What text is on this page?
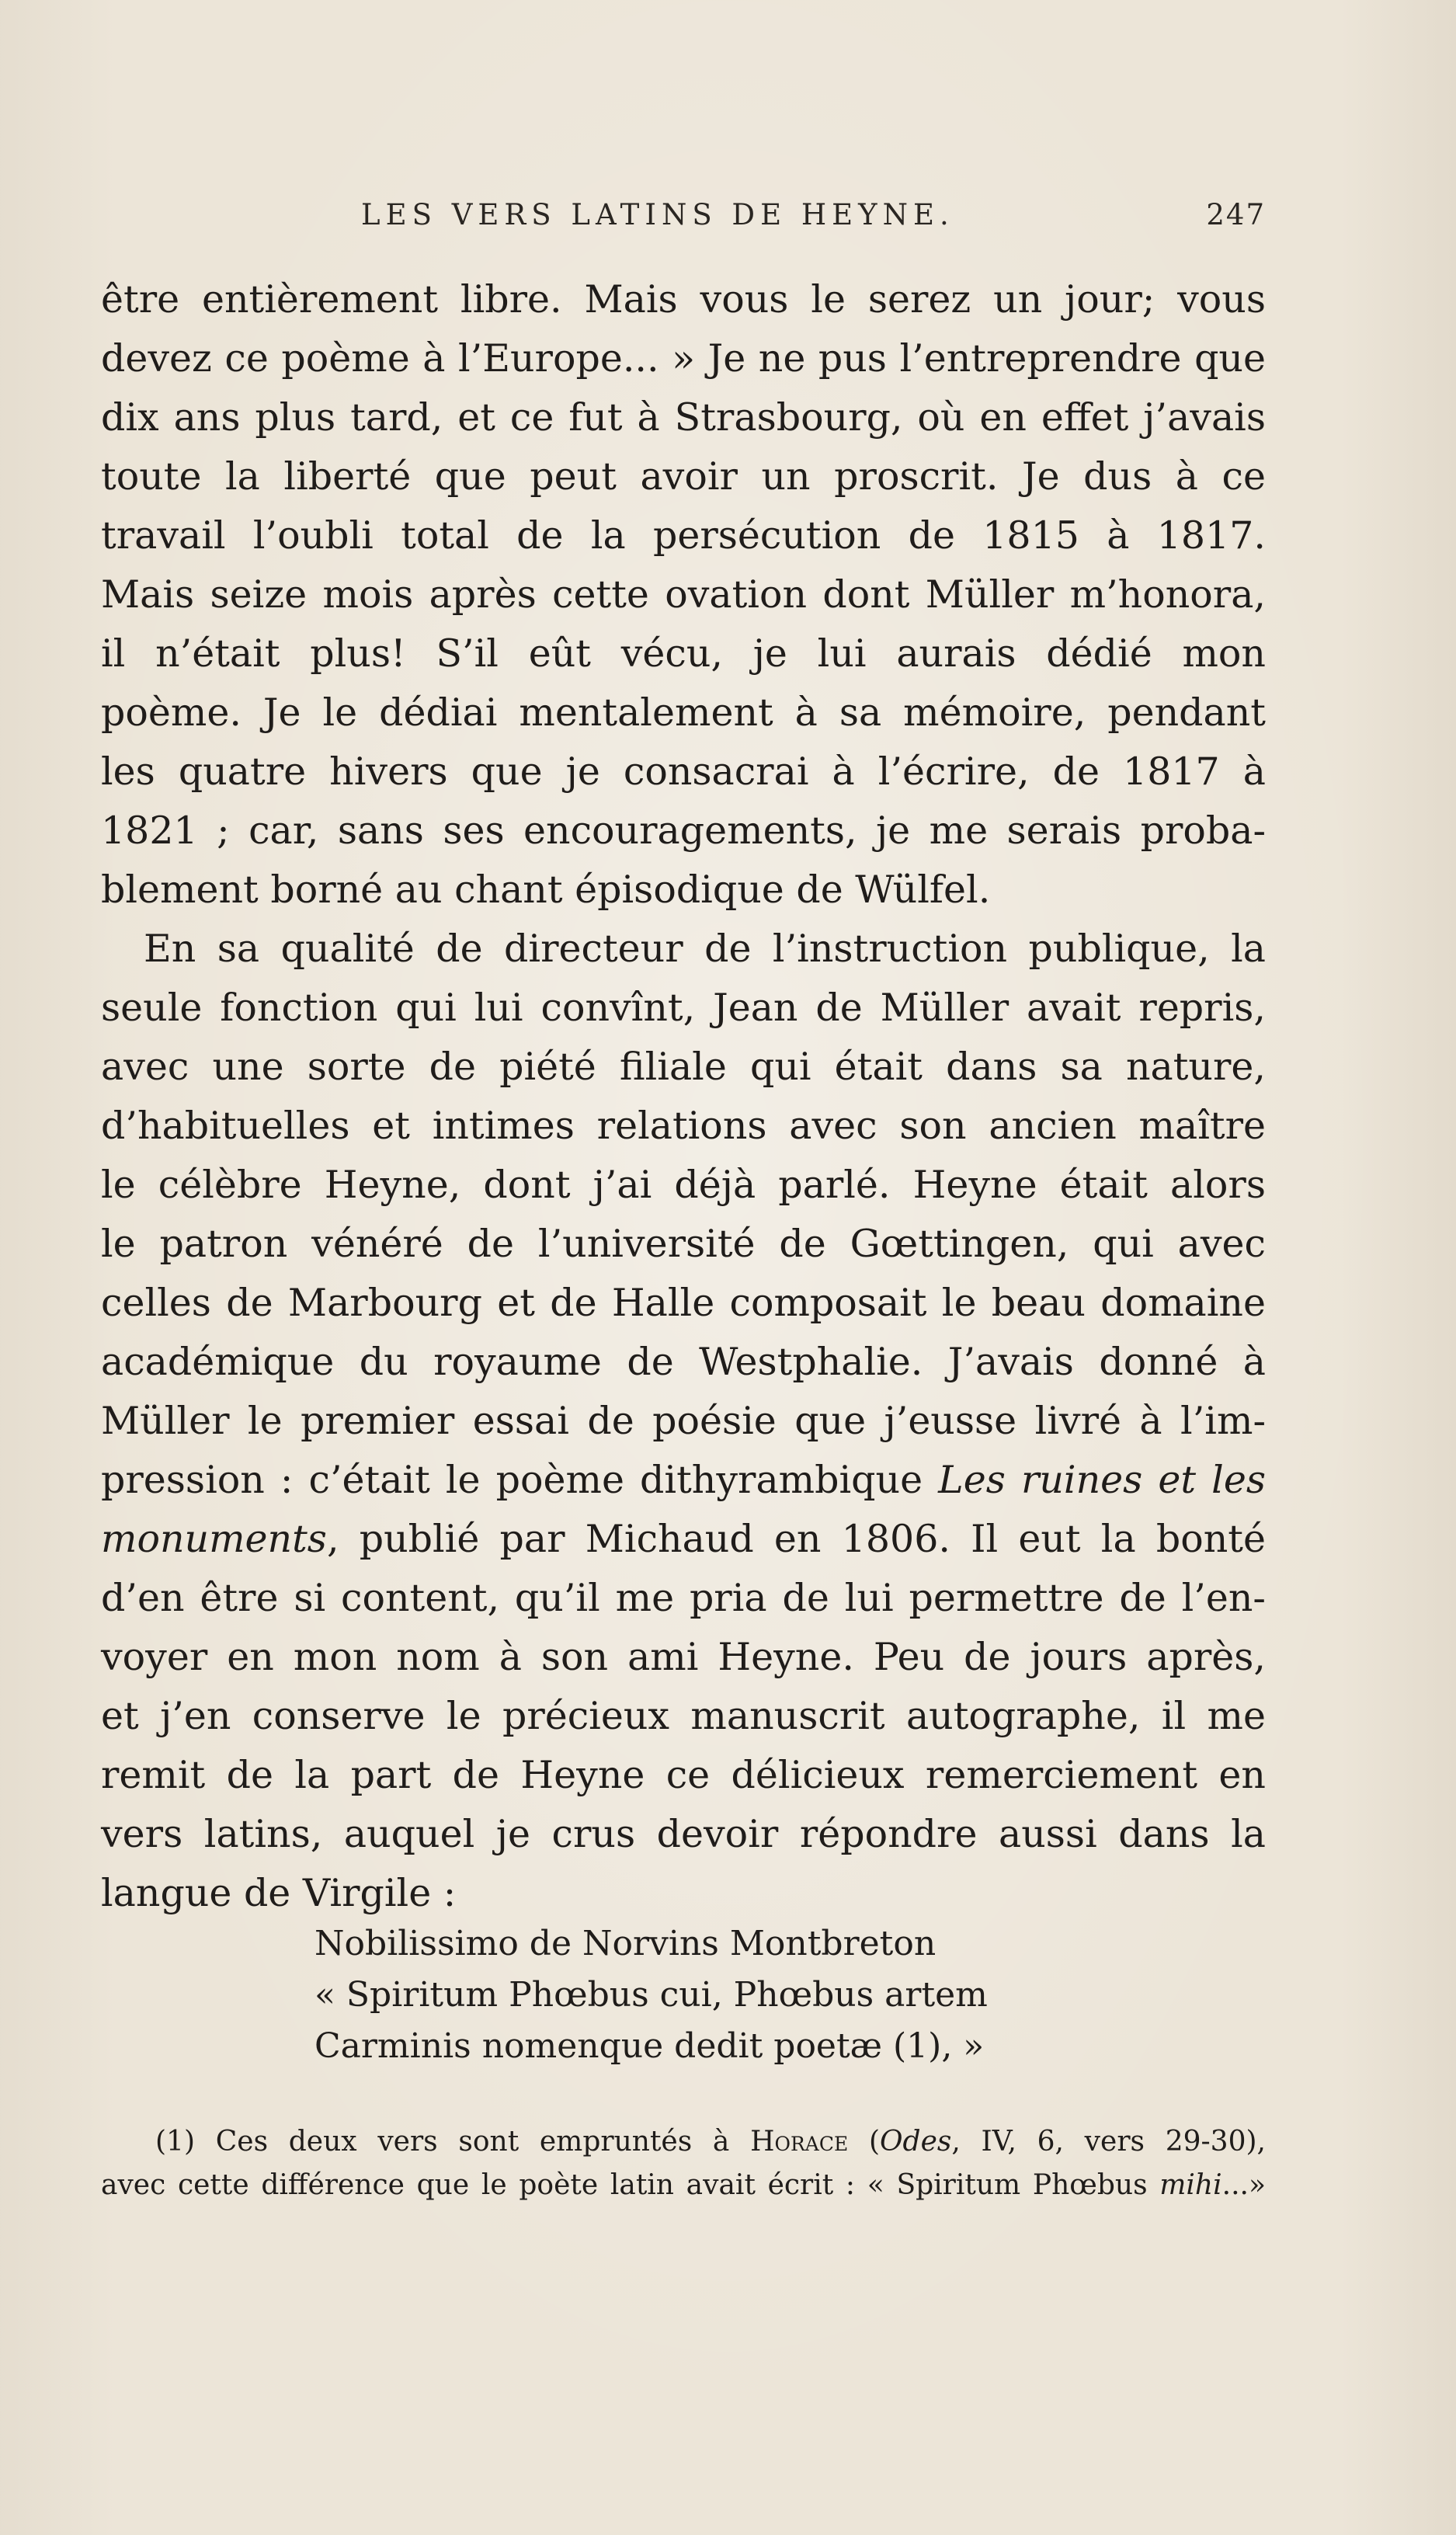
LES VERS LATINS DE HEYNE.	247
être entièrement libre. Mais vous le serez un jour; vous
devez ce poème à l’Europe... » Je ne pus l’entreprendre que
dix ans plus tard, et ce fut à Strasbourg, où en effet j’avais
toute la liberté que peut avoir un proscrit. Je dus à ce
travail l’oubli total de la persécution de 1815 à 1817.
Mais seize mois après cette ovation dont Müller m’honora,
il n’était plus! S’il eût vécu, je lui aurais dédié mon
poème. Je le dédiai mentalement à sa mémoire, pendant
les quatre hivers que je consacrai à l’écrire, de 1817 à
1821 ; car, sans ses encouragements, je me serais proba-
blement borné au chant épisodique de Wülfel.
En sa qualité de directeur de l’instruction publique, la
seule fonction qui lui convînt, Jean de Müller avait repris,
avec une sorte de piété filiale qui était dans sa nature,
d’habituelles et intimes relations avec son ancien maître
le célèbre Heyne, dont j’ai déjà parlé. Heyne était alors
le patron vénéré de l’université de Gœttingen, qui avec
celles de Marbourg et de Halle composait le beau domaine
académique du royaume de Westphalie. J’avais donné à
Müller le premier essai de poésie que j’eusse livré à l’im-
pression : c’était le poème dithyrambique Les ruines et les
monuments, publié par Michaud en 1806. Il eut la bonté
d’en être si content, qu’il me pria de lui permettre de l’en-
voyer en mon nom à son ami Heyne. Peu de jours après,
et j’en conserve le précieux manuscrit autographe, il me
remit de la part de Heyne ce délicieux remerciement en
vers latins, auquel je crus devoir répondre aussi dans la
langue de Virgile :
Nobilissimo de Norvins Montbreton
« Spiritum Phœbus cui, Phœbus artem
Carminis nomenque dedit poetæ (1), »
(1) Ces deux vers sont empruntés à Horace (Odes, IV, 6, vers 29-30),
avec cette différence que le poète latin avait écrit : « Spiritum Phœbus mihi...»
